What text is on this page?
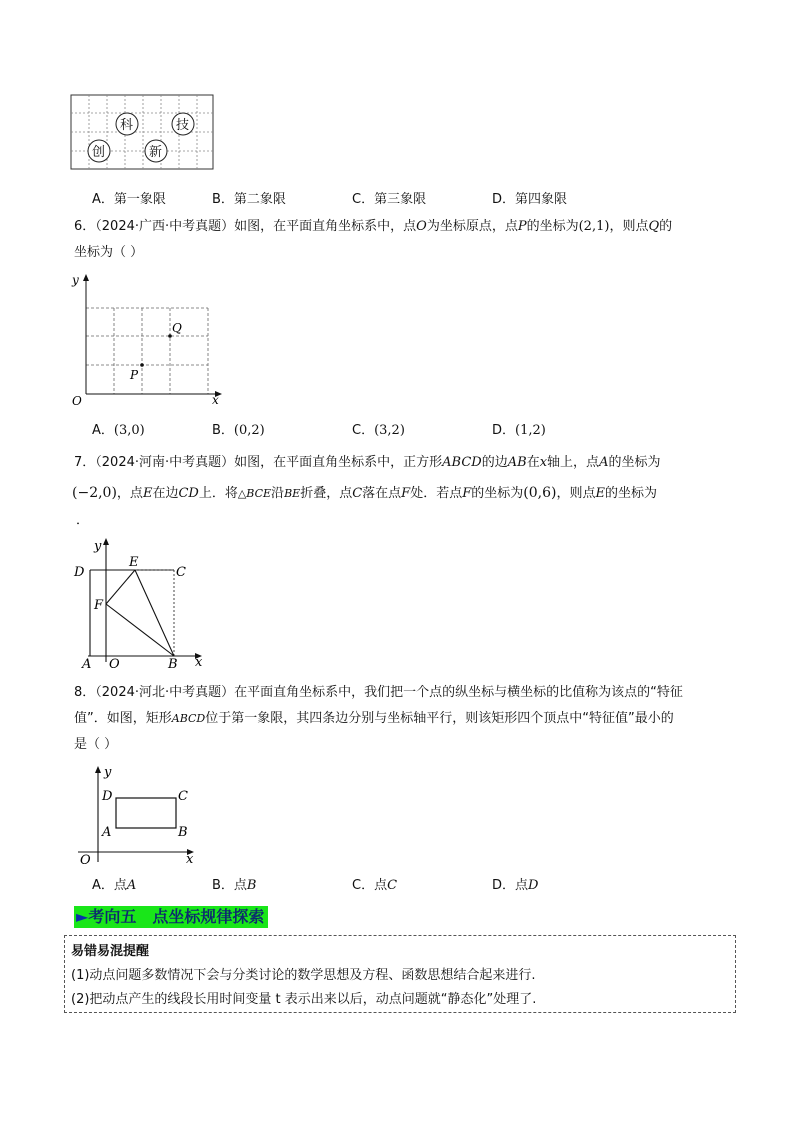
科	技
创	新
A．第一象限	B．第二象限	C．第三象限	D．第四象限
6．（2024·广西·中考真题）如图，在平面直角坐标系中，点O为坐标原点，点P的坐标为(2,1)，则点Q的
坐标为（ ）
y
x
O
P
Q
A．(3,0)	B．(0,2)	C．(3,2)	D．(1,2)
7．（2024·河南·中考真题）如图，在平面直角坐标系中，正方形ABCD的边AB在x轴上，点A的坐标为
(−2,0)，点E在边CD上．将△BCE沿BE折叠，点C落在点F处．若点F的坐标为(0,6)，则点E的坐标为
．
y
x
D
E
C
F
A O	B
8．（2024·河北·中考真题）在平面直角坐标系中，我们把一个点的纵坐标与横坐标的比值称为该点的“特征
值”．如图，矩形ABCD位于第一象限，其四条边分别与坐标轴平行，则该矩形四个顶点中“特征值”最小的
是（ ）
y
x
D	C
A	B
O
A．点A	B．点B	C．点C	D．点D
►考向五　点坐标规律探索
易错易混提醒
(1)动点问题多数情况下会与分类讨论的数学思想及方程、函数思想结合起来进行.
(2)把动点产生的线段长用时间变量 t 表示出来以后，动点问题就“静态化”处理了.
